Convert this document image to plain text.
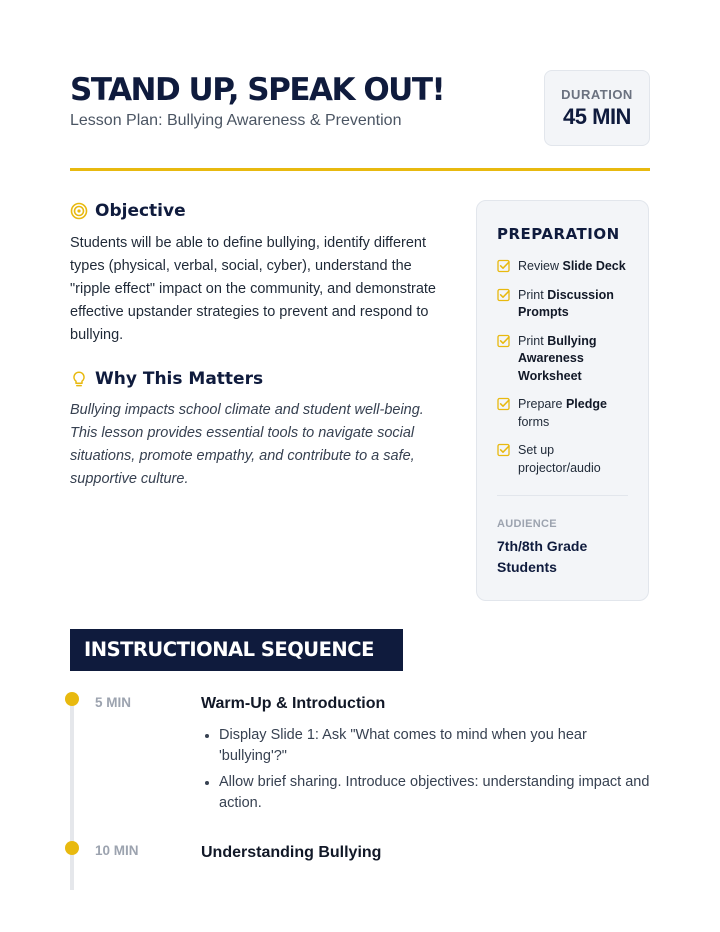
STAND UP, SPEAK OUT!
Lesson Plan: Bullying Awareness & Prevention
DURATION
45 MIN
Objective
Students will be able to define bullying, identify different types (physical, verbal, social, cyber), understand the "ripple effect" impact on the community, and demonstrate effective upstander strategies to prevent and respond to bullying.
Why This Matters
Bullying impacts school climate and student well-being. This lesson provides essential tools to navigate social situations, promote empathy, and contribute to a safe, supportive culture.
PREPARATION
Review Slide Deck
Print Discussion Prompts
Print Bullying Awareness Worksheet
Prepare Pledge forms
Set up projector/audio
AUDIENCE
7th/8th Grade Students
INSTRUCTIONAL SEQUENCE
5 MIN	Warm-Up & Introduction
Display Slide 1: Ask "What comes to mind when you hear 'bullying'?"
Allow brief sharing. Introduce objectives: understanding impact and action.
10 MIN	Understanding Bullying
